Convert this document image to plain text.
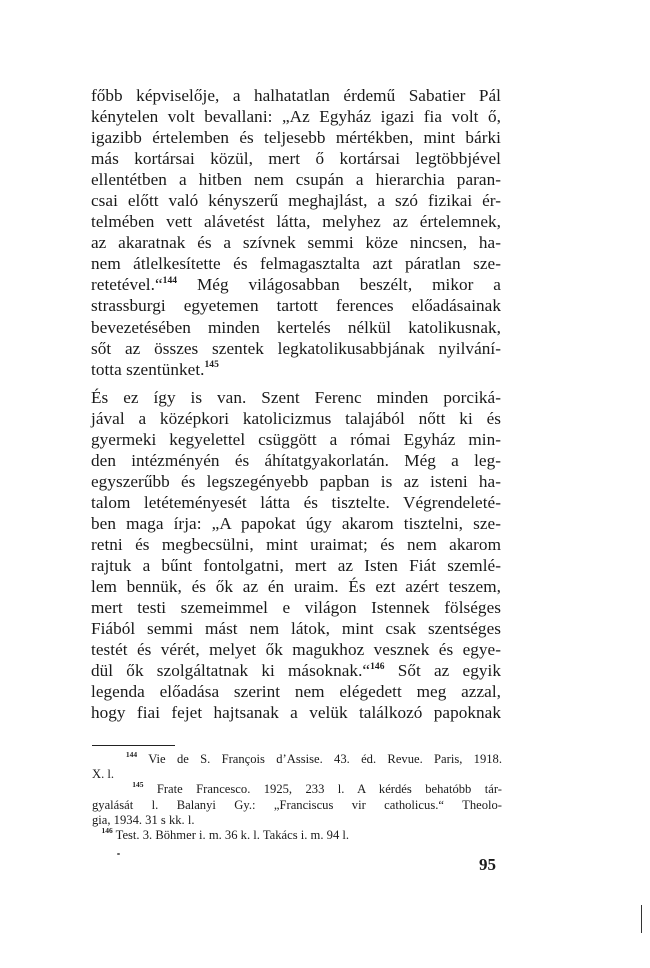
főbb képviselője, a halhatatlan érdemű Sabatier Pál
kénytelen volt bevallani: „Az Egyház igazi fia volt ő,
igazibb értelemben és teljesebb mértékben, mint bárki
más kortársai közül, mert ő kortársai legtöbbjével
ellentétben a hitben nem csupán a hierarchia paran-
csai előtt való kényszerű meghajlást, a szó fizikai ér-
telmében vett alávetést látta, melyhez az értelemnek,
az akaratnak és a szívnek semmi köze nincsen, ha-
nem átlelkesítette és felmagasztalta azt páratlan sze-
retetével.“$^{144}$ Még világosabban beszélt, mikor a
strassburgi egyetemen tartott ferences előadásainak
bevezetésében minden kertelés nélkül katolikusnak,
sőt az összes szentek legkatolikusabbjának nyilvání-
totta szentünket.$^{145}$
És ez így is van. Szent Ferenc minden porciká-
jával a középkori katolicizmus talajából nőtt ki és
gyermeki kegyelettel csüggött a római Egyház min-
den intézményén és áhítatgyakorlatán. Még a leg-
egyszerűbb és legszegényebb papban is az isteni ha-
talom letéteményesét látta és tisztelte. Végrendeleté-
ben maga írja: „A papokat úgy akarom tisztelni, sze-
retni és megbecsülni, mint uraimat; és nem akarom
rajtuk a bűnt fontolgatni, mert az Isten Fiát szemlé-
lem bennük, és ők az én uraim. És ezt azért teszem,
mert testi szemeimmel e világon Istennek fölséges
Fiából semmi mást nem látok, mint csak szentséges
testét és vérét, melyet ők magukhoz vesznek és egye-
dül ők szolgáltatnak ki másoknak.“$^{146}$ Sőt az egyik
legenda előadása szerint nem elégedett meg azzal,
hogy fiai fejet hajtsanak a velük találkozó papoknak
$^{144}$ Vie de S. François d’Assise. 43. éd. Revue. Paris, 1918.
X. l.
$^{145}$ Frate Francesco. 1925, 233 l. A kérdés behatóbb tár-
gyalását l. Balanyi Gy.: „Franciscus vir catholicus.“ Theolo-
gia, 1934. 31 s kk. l.
$^{146}$ Test. 3. Böhmer i. m. 36 k. l. Takács i. m. 94 l.
95
